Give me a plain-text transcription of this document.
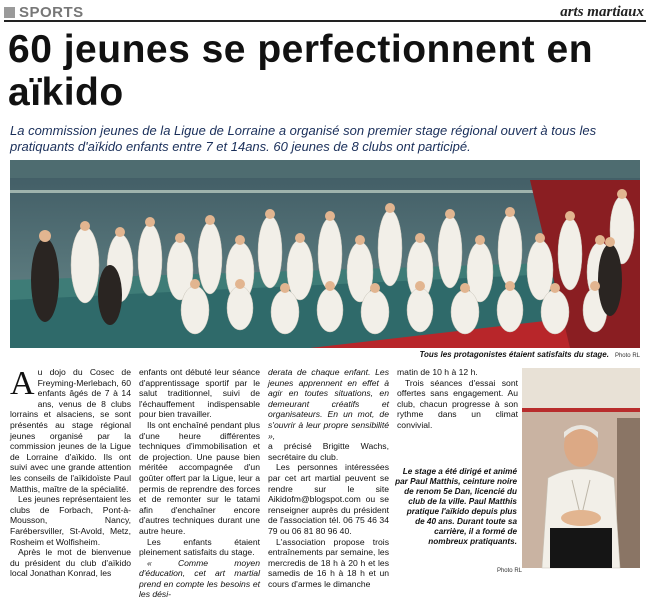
SPORTS	arts martiaux
60 jeunes se perfectionnent en aïkido

La commission jeunes de la Ligue de Lorraine a organisé son premier stage régional ouvert à tous les pratiquants d'aïkido enfants entre 7 et 14ans. 60 jeunes de 8 clubs ont participé.

Tous les protagonistes étaient satisfaits du stage. Photo RL

Au dojo du Cosec de Freyming-Merlebach, 60 enfants âgés de 7 à 14 ans, venus de 8 clubs lorrains et alsaciens, se sont présentés au stage régional jeunes organisé par la commission jeunes de la Ligue de Lorraine d'aïkido. Ils ont suivi avec une grande attention les conseils de l'aïkidoïste Paul Matthis, maître de la spécialité.

Les jeunes représentaient les clubs de Forbach, Pont-à-Mousson, Nancy, Farébersviller, St-Avold, Metz, Rosheim et Wolfisheim.

Après le mot de bienvenue du président du club d'aïkido local Jonathan Konrad, les

enfants ont débuté leur séance d'apprentissage sportif par le salut traditionnel, suivi de l'échauffement indispensable pour bien travailler.

Ils ont enchaîné pendant plus d'une heure différentes techniques d'immobilisation et de projection. Une pause bien méritée accompagnée d'un goûter offert par la Ligue, leur a permis de reprendre des forces et de remonter sur le tatami afin d'enchaîner encore d'autres techniques durant une autre heure.

Les enfants étaient pleinement satisfaits du stage.

« Comme moyen d'éducation, cet art martial prend en compte les besoins et les dési-

derata de chaque enfant. Les jeunes apprennent en effet à agir en toutes situations, en demeurant créatifs et organisateurs. En un mot, de s'ouvrir à leur propre sensibilité »,

a précisé Brigitte Wachs, secrétaire du club.

Les personnes intéressées par cet art martial peuvent se rendre sur le site Aikidofm@blogspot.com ou se renseigner auprès du président de l'association tél. 06 75 46 34 79 ou 06 81 80 96 40.

L'association propose trois entraînements par semaine, les mercredis de 18 h à 20 h et les samedis de 16 h à 18 h et un cours d'armes le dimanche

matin de 10 h à 12 h.

Trois séances d'essai sont offertes sans engagement. Au club, chacun progresse à son rythme dans un climat convivial.

Le stage a été dirigé et animé par Paul Matthis, ceinture noire de renom 5e Dan, licencié du club de la ville. Paul Matthis pratique l'aïkido depuis plus de 40 ans. Durant toute sa carrière, il a formé de nombreux pratiquants.
Photo RL
